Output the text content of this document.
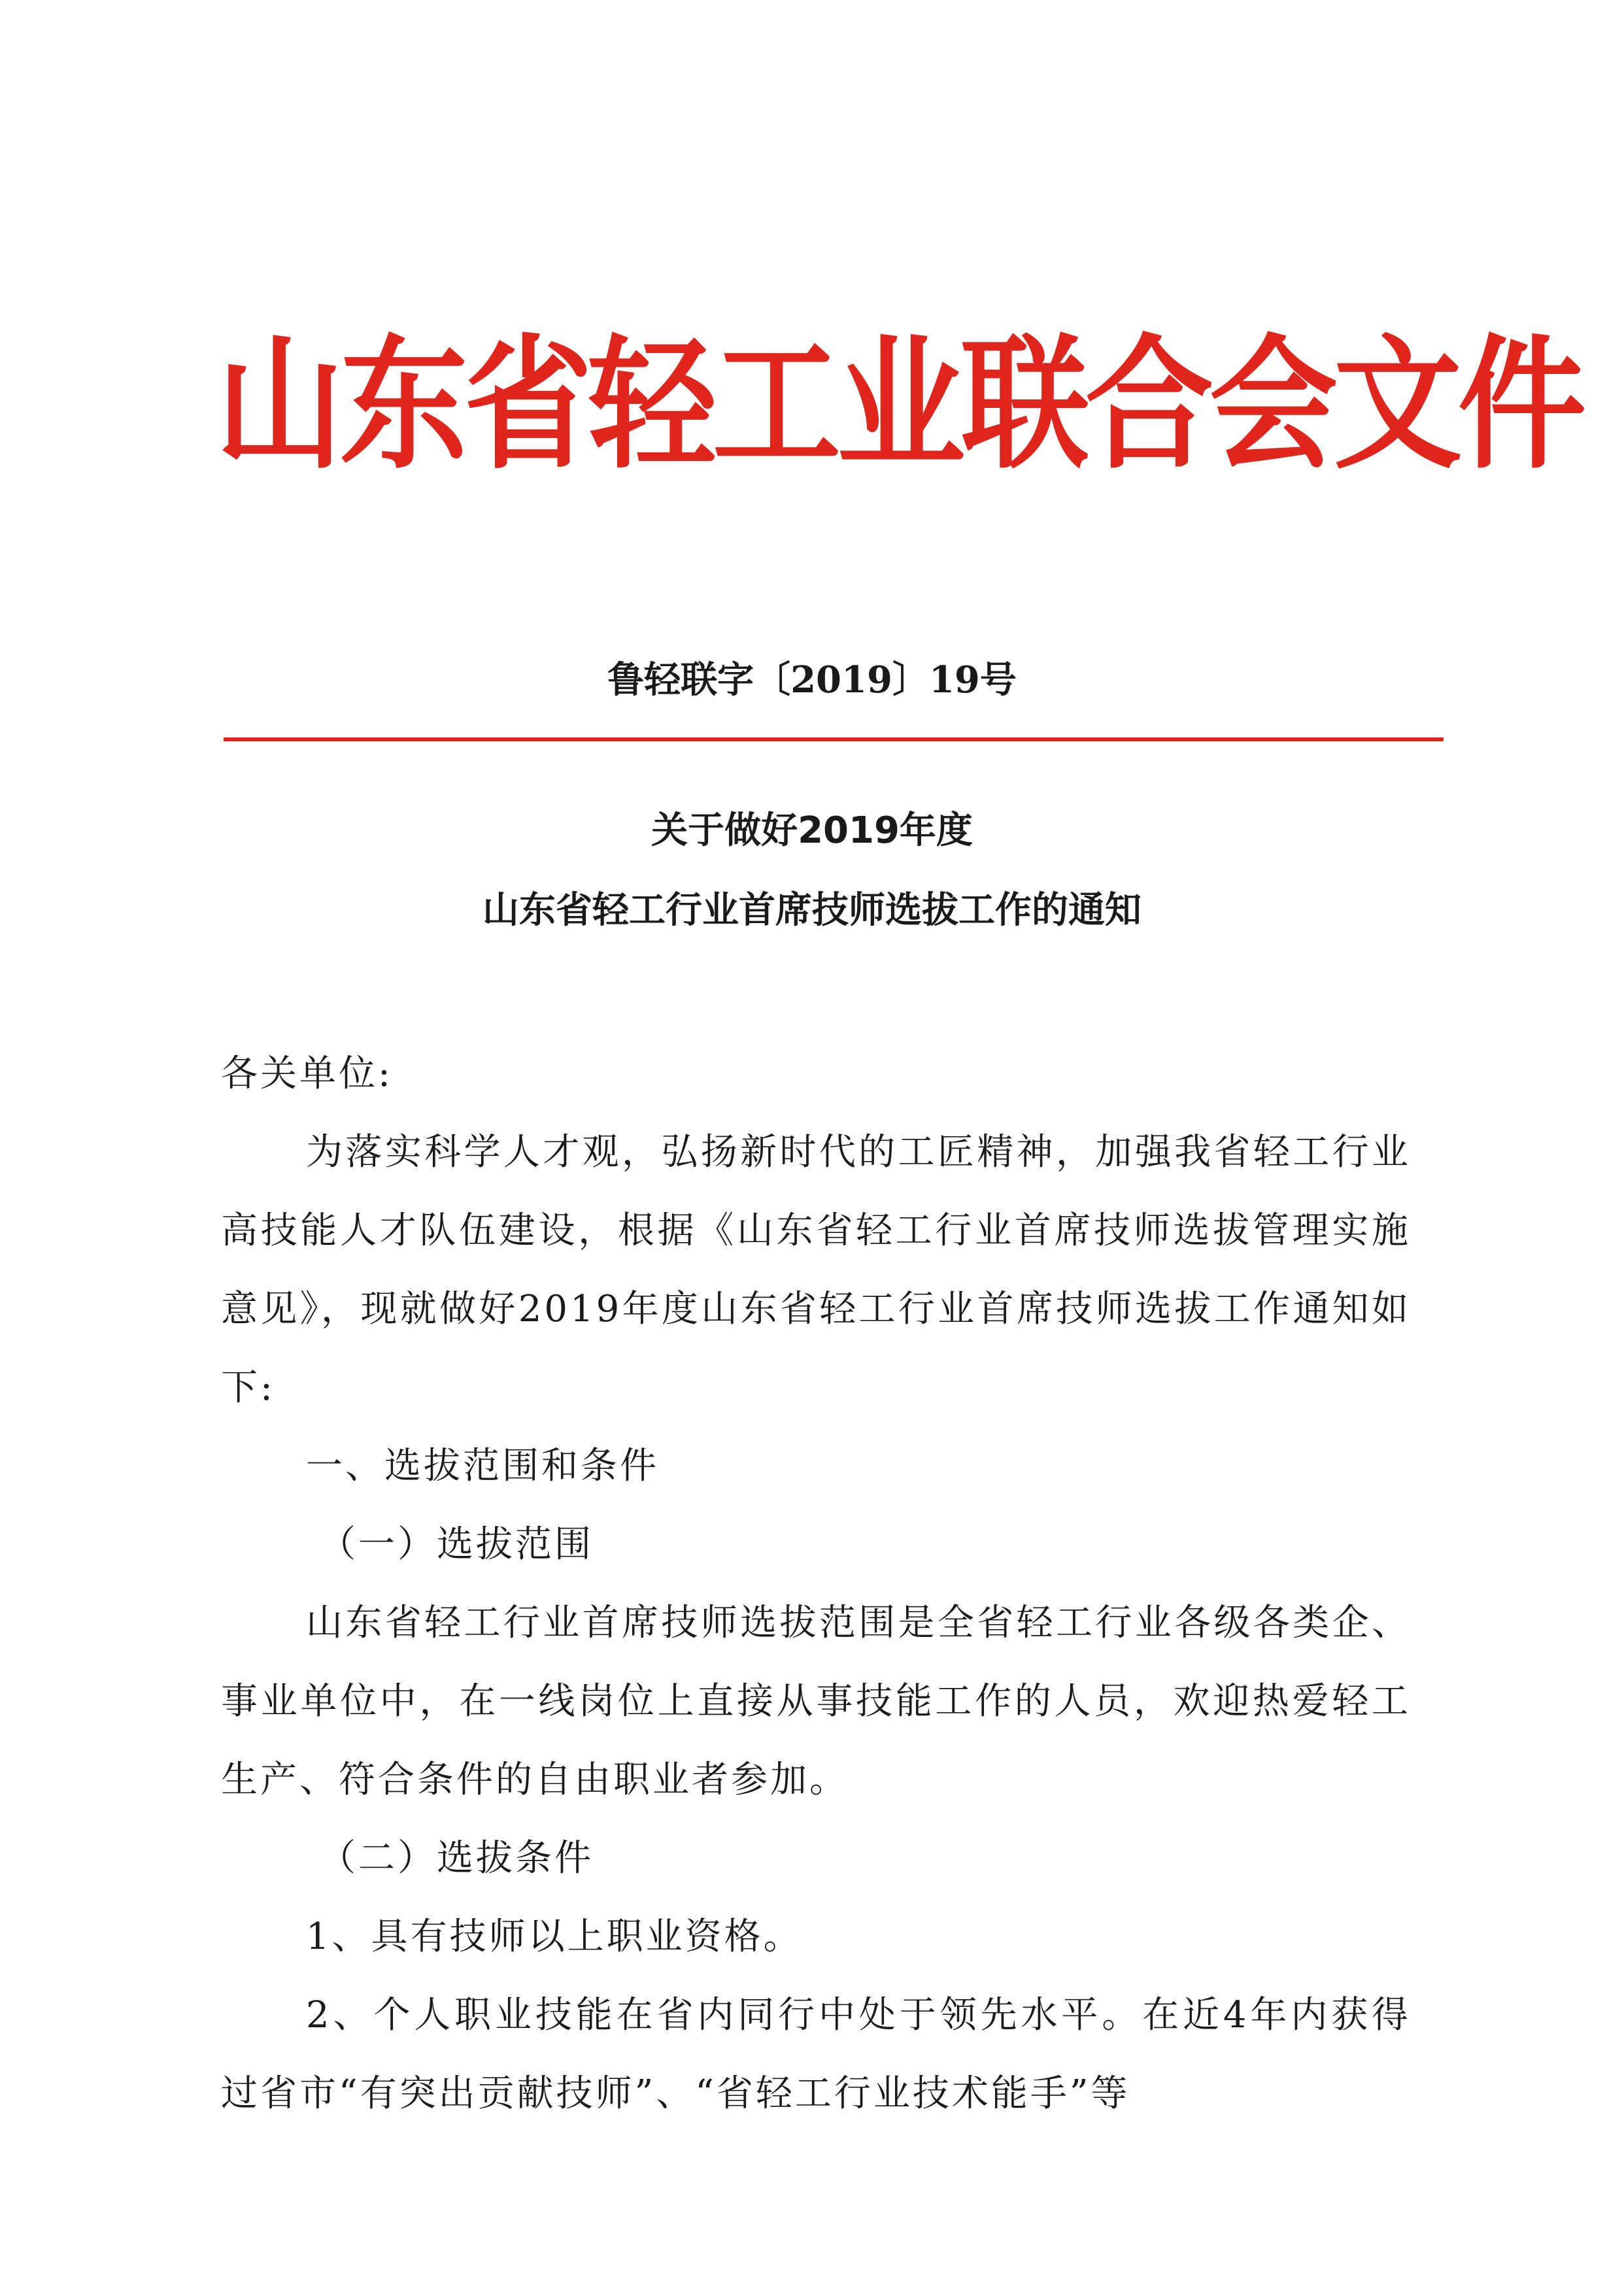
山东省轻工业联合会文件
鲁轻联字〔2019〕19号
关于做好2019年度
山东省轻工行业首席技师选拔工作的通知

各关单位:

为落实科学人才观，弘扬新时代的工匠精神，加强我省轻工行业高技能人才队伍建设，根据《山东省轻工行业首席技师选拔管理实施意见》，现就做好2019年度山东省轻工行业首席技师选拔工作通知如下:

一、选拔范围和条件

（一）选拔范围

山东省轻工行业首席技师选拔范围是全省轻工行业各级各类企、事业单位中，在一线岗位上直接从事技能工作的人员，欢迎热爱轻工生产、符合条件的自由职业者参加。

（二）选拔条件

1、具有技师以上职业资格。

2、个人职业技能在省内同行中处于领先水平。在近4年内获得过省市“有突出贡献技师”、“省轻工行业技术能手”等
